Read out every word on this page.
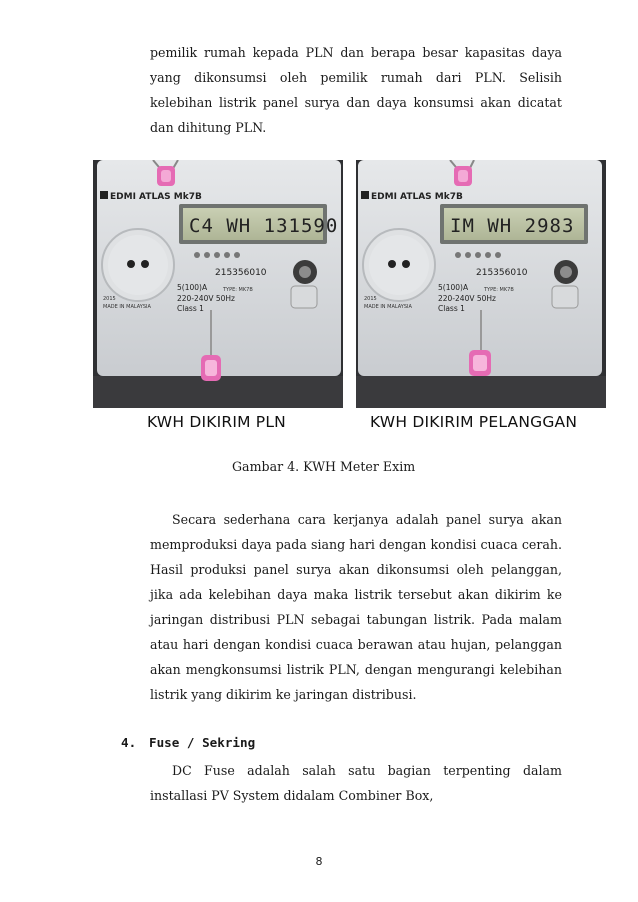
pemilik rumah kepada PLN dan berapa besar kapasitas daya yang dikonsumsi oleh pemilik rumah dari PLN. Selisih kelebihan listrik panel surya dan daya konsumsi akan dicatat dan dihitung PLN.

EDMI ATLAS Mk7B
C4 WH 131590
215356010
5(100)A	TYPE: MK7B
220-240V 50Hz
Class 1
2015
MADE IN MALAYSIA
EDMI ATLAS Mk7B
IM WH 2983
215356010
5(100)A	TYPE: MK7B
220-240V 50Hz
Class 1
2015
MADE IN MALAYSIA
KWH DIKIRIM PLN	KWH DIKIRIM PELANGGAN

Gambar 4. KWH Meter Exim

Secara sederhana cara kerjanya adalah panel surya akan memproduksi daya pada siang hari dengan kondisi cuaca cerah. Hasil produksi panel surya akan dikonsumsi oleh pelanggan, jika ada kelebihan daya maka listrik tersebut akan dikirim ke jaringan distribusi PLN sebagai tabungan listrik. Pada malam atau hari dengan kondisi cuaca berawan atau hujan, pelanggan akan mengkonsumsi listrik PLN, dengan mengurangi kelebihan listrik yang dikirim ke jaringan distribusi.

4. Fuse / Sekring

DC Fuse adalah salah satu bagian terpenting dalam installasi PV System didalam Combiner Box,

8
